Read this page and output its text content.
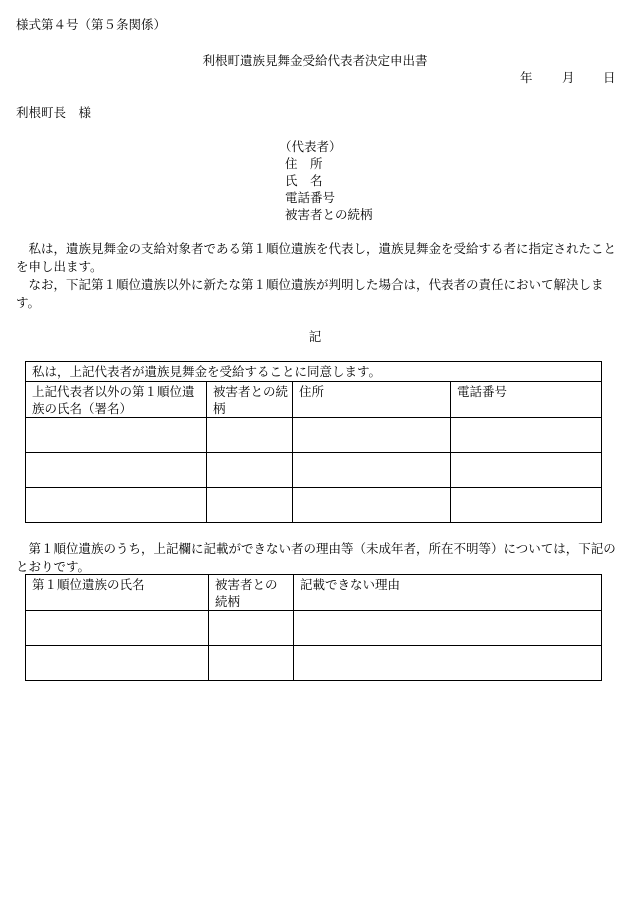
様式第４号（第５条関係）
利根町遺族見舞金受給代表者決定申出書
年 月 日
利根町長　様
（代表者）
住　所
氏　名
電話番号
被害者との続柄
　私は，遺族見舞金の支給対象者である第１順位遺族を代表し，遺族見舞金を受給する者に指定されたことを申し出ます。
　なお，下記第１順位遺族以外に新たな第１順位遺族が判明した場合は，代表者の責任において解決します。
記
私は，上記代表者が遺族見舞金を受給することに同意します。			
上記代表者以外の第１順位遺族の氏名（署名）	被害者との続柄	住所	電話番号

　第１順位遺族のうち，上記欄に記載ができない者の理由等（未成年者，所在不明等）については，下記のとおりです。
第１順位遺族の氏名	被害者との続柄	記載できない理由
